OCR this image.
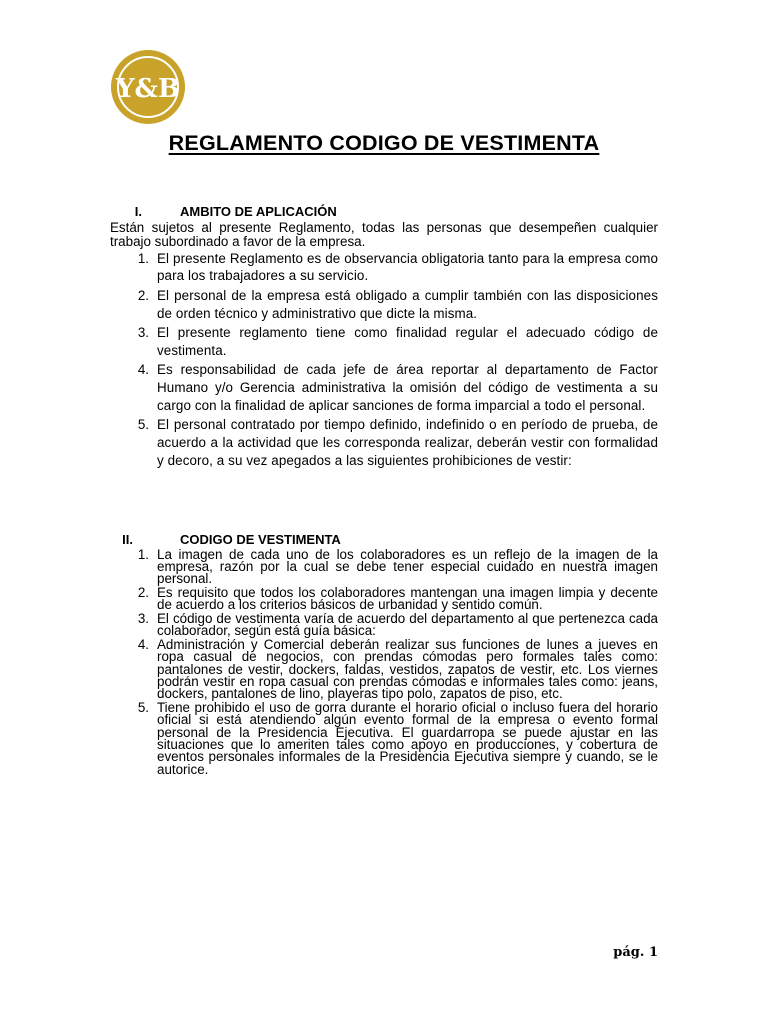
Y&B
REGLAMENTO CODIGO DE VESTIMENTA
I.	AMBITO DE APLICACIÓN
Están sujetos al presente Reglamento, todas las personas que desempeñen cualquier trabajo subordinado a favor de la empresa.
1. El presente Reglamento es de observancia obligatoria tanto para la empresa como para los trabajadores a su servicio.
2. El personal de la empresa está obligado a cumplir también con las disposiciones de orden técnico y administrativo que dicte la misma.
3. El presente reglamento tiene como finalidad regular el adecuado código de vestimenta.
4. Es responsabilidad de cada jefe de área reportar al departamento de Factor Humano y/o Gerencia administrativa la omisión del código de vestimenta a su cargo con la finalidad de aplicar sanciones de forma imparcial a todo el personal.
5. El personal contratado por tiempo definido, indefinido o en período de prueba, de acuerdo a la actividad que les corresponda realizar, deberán vestir con formalidad y decoro, a su vez apegados a las siguientes prohibiciones de vestir:
II.	CODIGO DE VESTIMENTA
1. La imagen de cada uno de los colaboradores es un reflejo de la imagen de la empresa, razón por la cual se debe tener especial cuidado en nuestra imagen personal.
2. Es requisito que todos los colaboradores mantengan una imagen limpia y decente de acuerdo a los criterios básicos de urbanidad y sentido común.
3. El código de vestimenta varía de acuerdo del departamento al que pertenezca cada colaborador, según está guía básica:
4. Administración y Comercial deberán realizar sus funciones de lunes a jueves en ropa casual de negocios, con prendas cómodas pero formales tales como: pantalones de vestir, dockers, faldas, vestidos, zapatos de vestir, etc. Los viernes podrán vestir en ropa casual con prendas cómodas e informales tales como: jeans, dockers, pantalones de lino, playeras tipo polo, zapatos de piso, etc.
5. Tiene prohibido el uso de gorra durante el horario oficial o incluso fuera del horario oficial si está atendiendo algún evento formal de la empresa o evento formal personal de la Presidencia Ejecutiva. El guardarropa se puede ajustar en las situaciones que lo ameriten tales como apoyo en producciones, y cobertura de eventos personales informales de la Presidencia Ejecutiva siempre y cuando, se le autorice.
pág. 1
